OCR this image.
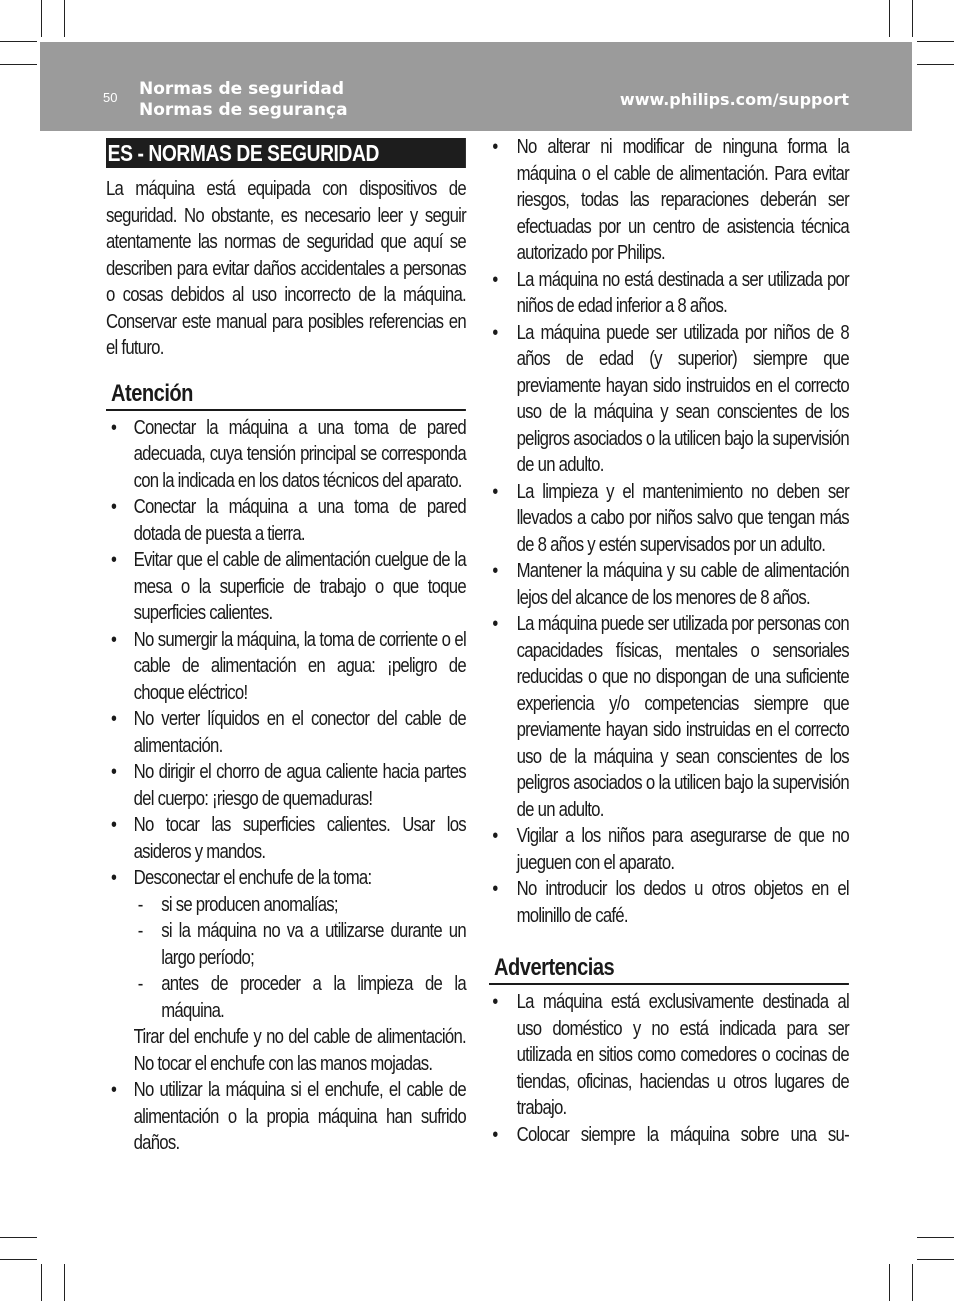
50 Normas de seguridad
Normas de segurança
www.philips.com/support
ES - NORMAS DE SEGURIDAD

La máquina está equipada con dispositivos de seguridad. No obstante, es necesario leer y seguir atentamente las normas de seguridad que aquí se describen para evitar daños accidentales a personas o cosas debidos al uso incorrecto de la máquina. Conservar este manual para posibles referencias en el futuro.

Atención
• Conectar la máquina a una toma de pared adecuada, cuya tensión principal se corresponda con la indicada en los datos técnicos del aparato.
• Conectar la máquina a una toma de pared dotada de puesta a tierra.
• Evitar que el cable de alimentación cuelgue de la mesa o la superficie de trabajo o que toque superficies calientes.
• No sumergir la máquina, la toma de corriente o el cable de alimentación en agua: ¡peligro de choque eléctrico!
• No verter líquidos en el conector del cable de alimentación.
• No dirigir el chorro de agua caliente hacia partes del cuerpo: ¡riesgo de quemaduras!
• No tocar las superficies calientes. Usar los asideros y mandos.
• Desconectar el enchufe de la toma:
- si se producen anomalías;
- si la máquina no va a utilizarse durante un largo período;
- antes de proceder a la limpieza de la máquina.

Tirar del enchufe y no del cable de alimentación. No tocar el enchufe con las manos mojadas.

• No utilizar la máquina si el enchufe, el cable de alimentación o la propia máquina han sufrido daños.
• No alterar ni modificar de ninguna forma la máquina o el cable de alimentación. Para evitar riesgos, todas las reparaciones deberán ser efectuadas por un centro de asistencia técnica autorizado por Philips.
• La máquina no está destinada a ser utilizada por niños de edad inferior a 8 años.
• La máquina puede ser utilizada por niños de 8 años de edad (y superior) siempre que previamente hayan sido instruidos en el correcto uso de la máquina y sean conscientes de los peligros asociados o la utilicen bajo la supervisión de un adulto.
• La limpieza y el mantenimiento no deben ser llevados a cabo por niños salvo que tengan más de 8 años y estén supervisados por un adulto.
• Mantener la máquina y su cable de alimentación lejos del alcance de los menores de 8 años.
• La máquina puede ser utilizada por personas con capacidades físicas, mentales o sensoriales reducidas o que no dispongan de una suficiente experiencia y/o competencias siempre que previamente hayan sido instruidas en el correcto uso de la máquina y sean conscientes de los peligros asociados o la utilicen bajo la supervisión de un adulto.
• Vigilar a los niños para asegurarse de que no jueguen con el aparato.
• No introducir los dedos u otros objetos en el molinillo de café.
Advertencias
• La máquina está exclusivamente destinada al uso doméstico y no está indicada para ser utilizada en sitios como comedores o cocinas de tiendas, oficinas, haciendas u otros lugares de trabajo.
• Colocar siempre la máquina sobre una su-
